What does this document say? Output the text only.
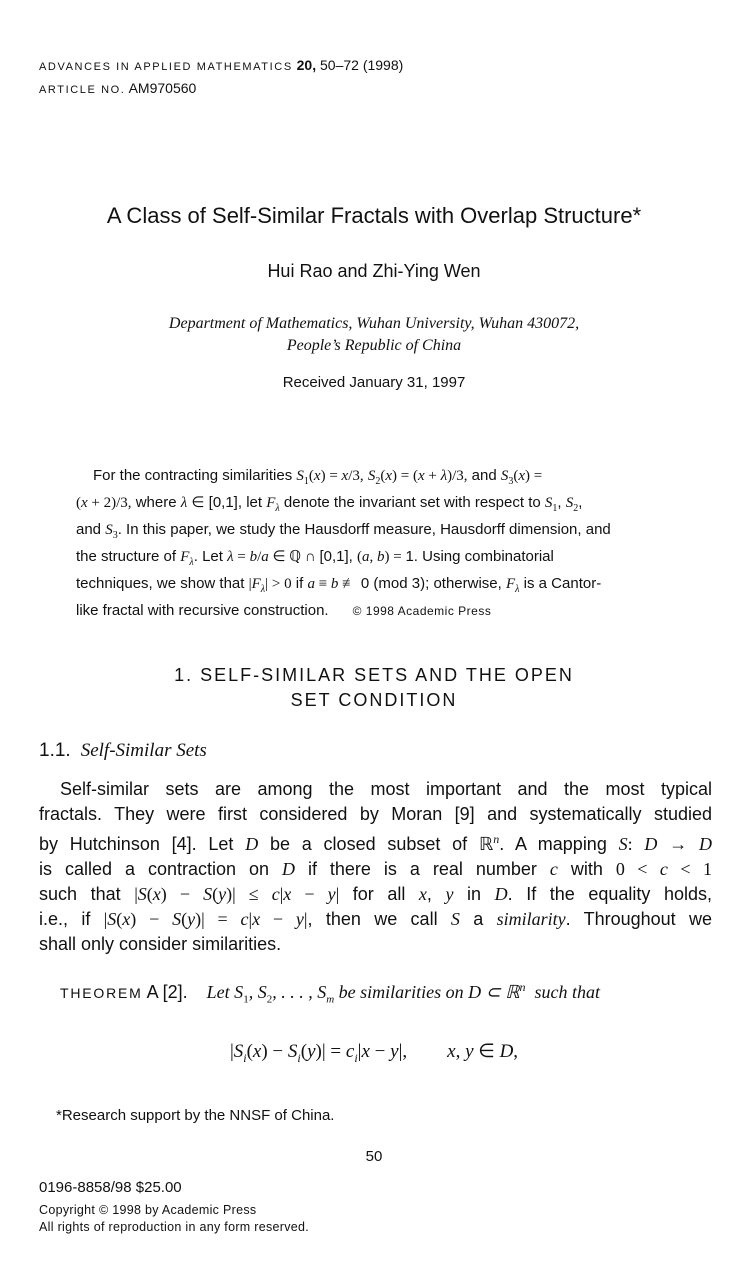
ADVANCES IN APPLIED MATHEMATICS 20, 50–72 (1998)
ARTICLE NO. AM970560
A Class of Self-Similar Fractals with Overlap Structure*
Hui Rao and Zhi-Ying Wen
Department of Mathematics, Wuhan University, Wuhan 430072,
People’s Republic of China
Received January 31, 1997
For the contracting similarities $S_1(x) = x/3$, $S_2(x) = (x + \lambda)/3$, and $S_3(x)$ =
(x + 2)/3, where λ ∈ [0,1], let $F_\lambda$ denote the invariant set with respect to $S_1$, $S_2$,
and $S_3$. In this paper, we study the Hausdorff measure, Hausdorff dimension, and
the structure of $F_\lambda$. Let λ = b/a ∈ ℚ ∩ [0,1], (a, b) = 1. Using combinatorial
techniques, we show that $|F_\lambda| > 0$ if a ≡ b ≢ 0 (mod 3); otherwise, $F_\lambda$ is a Cantor-
like fractal with recursive construction. © 1998 Academic Press
1. SELF-SIMILAR SETS AND THE OPEN
SET CONDITION
1.1. Self-Similar Sets
Self-similar sets are among the most important and the most typical
fractals. They were first considered by Moran [9] and systematically studied
by Hutchinson [4]. Let D be a closed subset of ℝ$^n$. A mapping S: D → D
is called a contraction on D if there is a real number c with 0 < c < 1
such that |S(x) − S(y)| ≤ c|x − y| for all x, y in D. If the equality holds,
i.e., if |S(x) − S(y)| = c|x − y|, then we call S a similarity. Throughout we
shall only consider similarities.
THEOREM A [2]. Let $S_1$, $S_2$, . . . , $S_m$ be similarities on D ⊂ ℝ$^n$  such that
$|S_i(x) - S_i(y)| = c_i|x - y|$, x, y ∈ D,
*Research support by the NNSF of China.
50
0196-8858/98 $25.00
Copyright © 1998 by Academic Press
All rights of reproduction in any form reserved.
